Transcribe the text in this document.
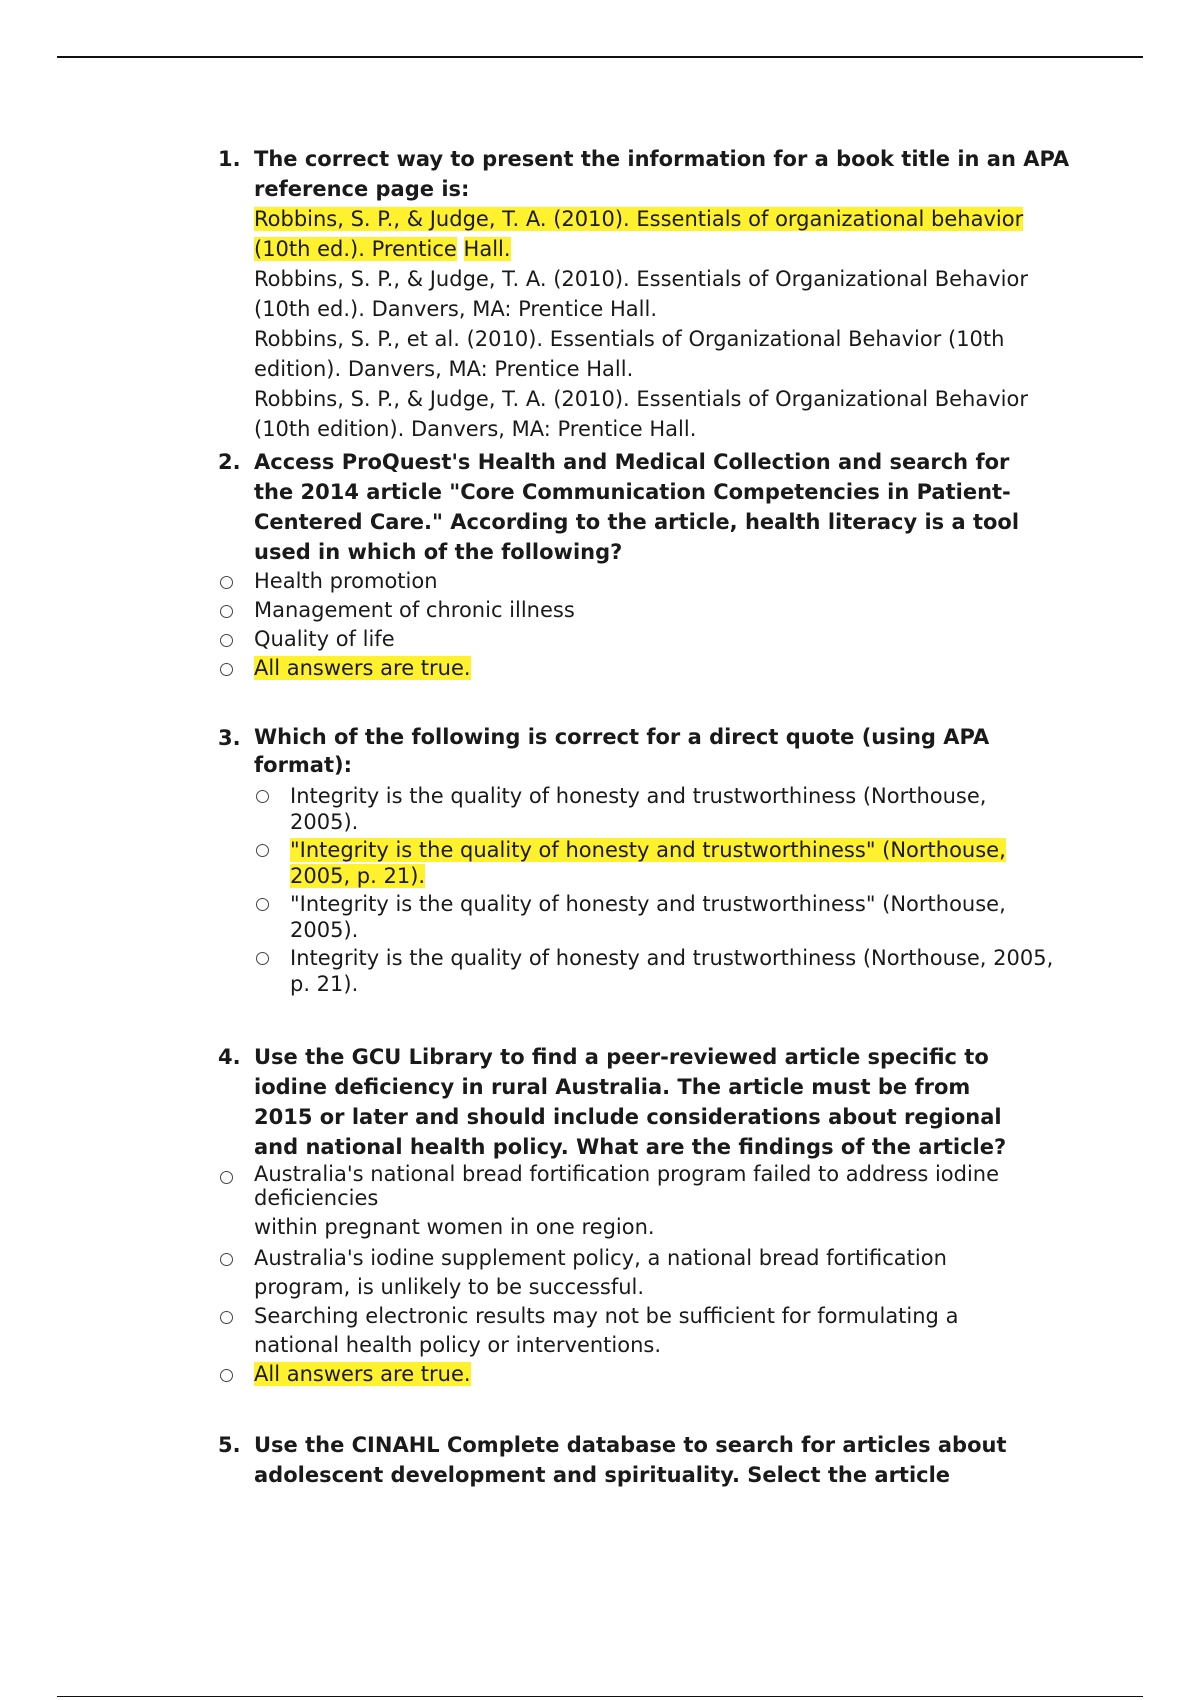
1. The correct way to present the information for a book title in an APA reference page is:
Robbins, S. P., & Judge, T. A. (2010). Essentials of organizational behavior
(10th ed.). Prentice Hall.
Robbins, S. P., & Judge, T. A. (2010). Essentials of Organizational Behavior
(10th ed.). Danvers, MA: Prentice Hall.
Robbins, S. P., et al. (2010). Essentials of Organizational Behavior (10th
edition). Danvers, MA: Prentice Hall.
Robbins, S. P., & Judge, T. A. (2010). Essentials of Organizational Behavior
(10th edition). Danvers, MA: Prentice Hall.
2. Access ProQuest's Health and Medical Collection and search for
the 2014 article "Core Communication Competencies in Patient-
Centered Care." According to the article, health literacy is a tool
used in which of the following?
Health promotion
Management of chronic illness
Quality of life
All answers are true.
3. Which of the following is correct for a direct quote (using APA
format):
Integrity is the quality of honesty and trustworthiness (Northouse,
2005).
"Integrity is the quality of honesty and trustworthiness" (Northouse,
2005, p. 21).
"Integrity is the quality of honesty and trustworthiness" (Northouse,
2005).
Integrity is the quality of honesty and trustworthiness (Northouse, 2005,
p. 21).
4. Use the GCU Library to find a peer-reviewed article specific to
iodine deficiency in rural Australia. The article must be from
2015 or later and should include considerations about regional
and national health policy. What are the findings of the article?
Australia's national bread fortification program failed to address iodine
deficiencies
within pregnant women in one region.
Australia's iodine supplement policy, a national bread fortification
program, is unlikely to be successful.
Searching electronic results may not be sufficient for formulating a
national health policy or interventions.
All answers are true.
5. Use the CINAHL Complete database to search for articles about
adolescent development and spirituality. Select the article
